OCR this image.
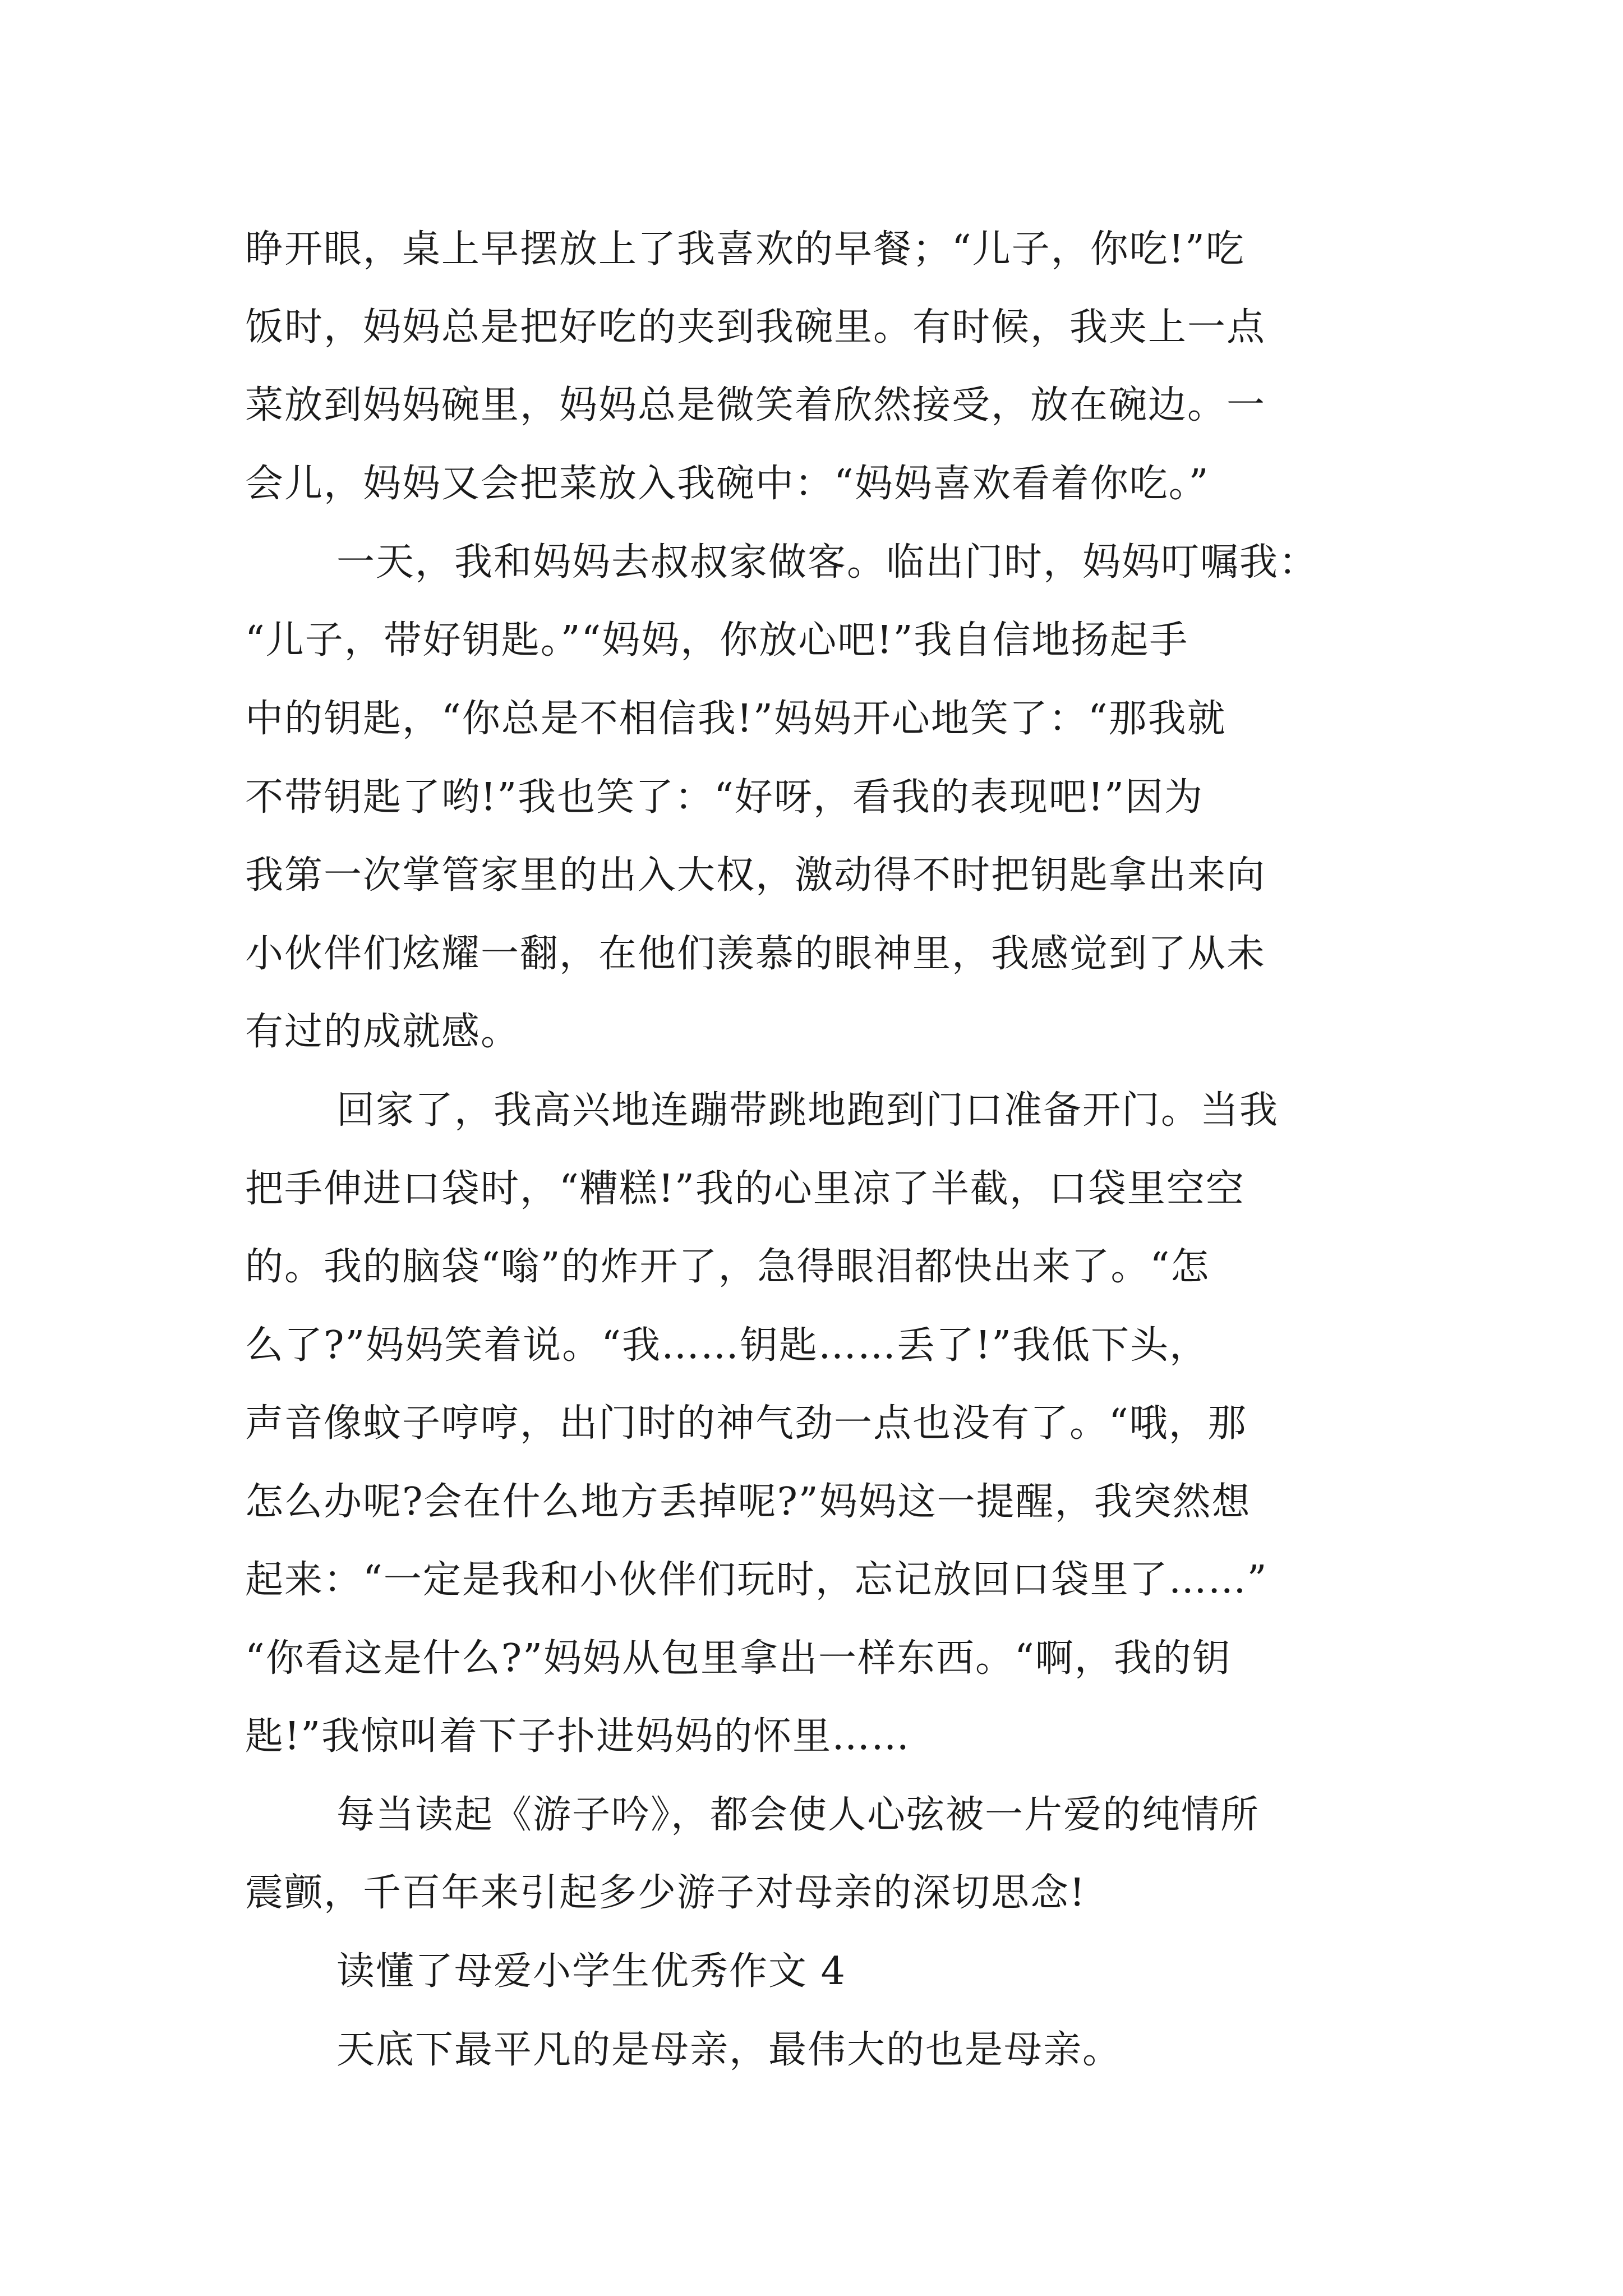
睁开眼，桌上早摆放上了我喜欢的早餐；“儿子，你吃!”吃
饭时，妈妈总是把好吃的夹到我碗里。有时候，我夹上一点
菜放到妈妈碗里，妈妈总是微笑着欣然接受，放在碗边。一
会儿，妈妈又会把菜放入我碗中：“妈妈喜欢看着你吃。”
一天，我和妈妈去叔叔家做客。临出门时，妈妈叮嘱我：
“儿子，带好钥匙。”“妈妈，你放心吧!”我自信地扬起手
中的钥匙，“你总是不相信我!”妈妈开心地笑了：“那我就
不带钥匙了哟!”我也笑了：“好呀，看我的表现吧!”因为
我第一次掌管家里的出入大权，激动得不时把钥匙拿出来向
小伙伴们炫耀一翻，在他们羡慕的眼神里，我感觉到了从未
有过的成就感。
回家了，我高兴地连蹦带跳地跑到门口准备开门。当我
把手伸进口袋时，“糟糕!”我的心里凉了半截，口袋里空空
的。我的脑袋“嗡”的炸开了，急得眼泪都快出来了。“怎
么了?”妈妈笑着说。“我……钥匙……丢了!”我低下头，
声音像蚊子哼哼，出门时的神气劲一点也没有了。“哦，那
怎么办呢?会在什么地方丢掉呢?”妈妈这一提醒，我突然想
起来：“一定是我和小伙伴们玩时，忘记放回口袋里了……”
“你看这是什么?”妈妈从包里拿出一样东西。“啊，我的钥
匙!”我惊叫着下子扑进妈妈的怀里……
每当读起《游子吟》，都会使人心弦被一片爱的纯情所
震颤，千百年来引起多少游子对母亲的深切思念!
读懂了母爱小学生优秀作文 4
天底下最平凡的是母亲，最伟大的也是母亲。
